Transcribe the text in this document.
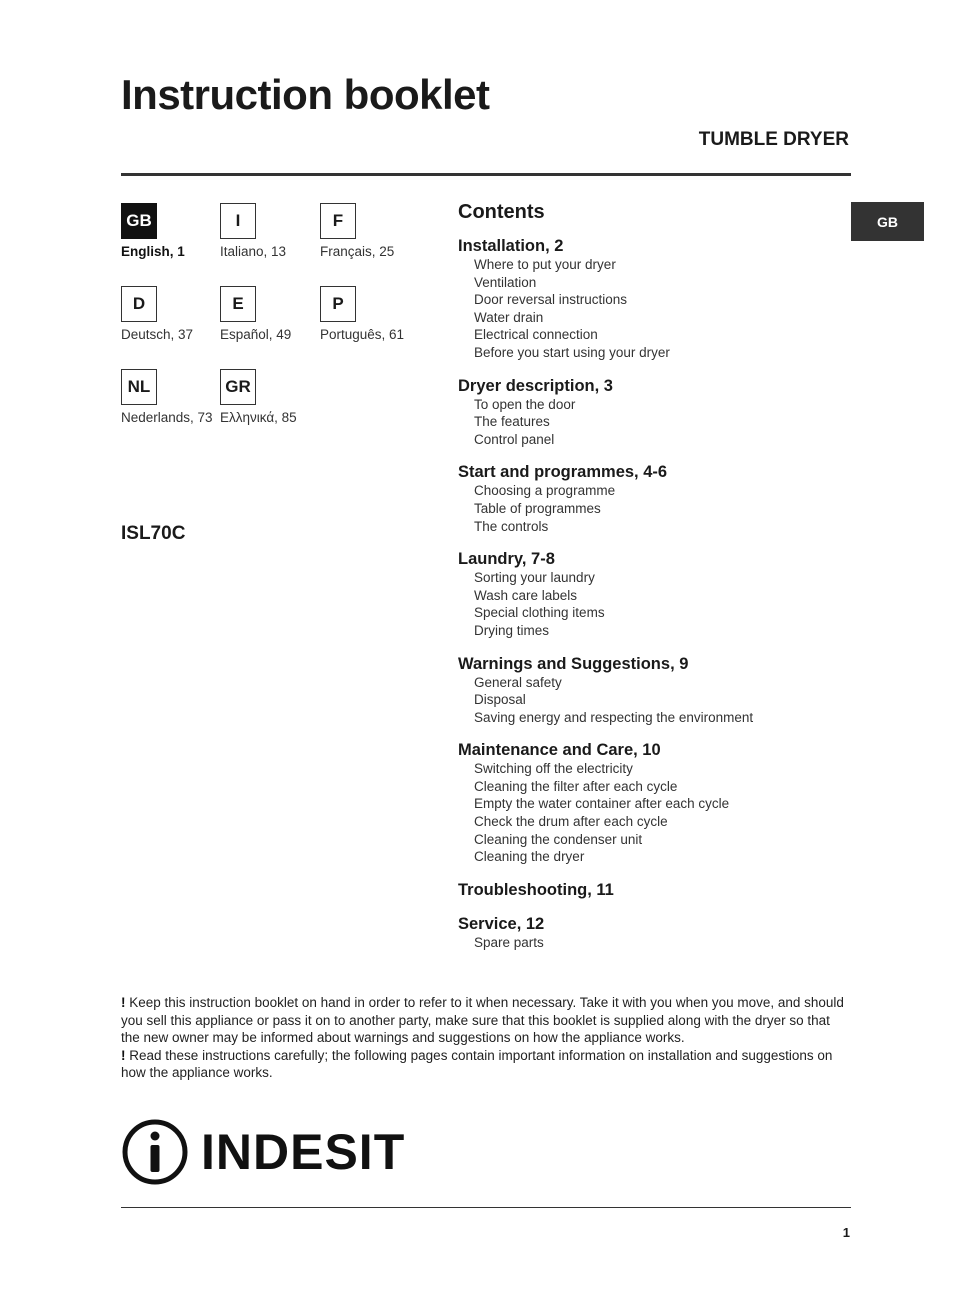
Instruction booklet
TUMBLE DRYER
GB
GB
English, 1
I
Italiano, 13
F
Français, 25
D
Deutsch, 37
E
Español, 49
P
Português, 61
NL
Nederlands, 73
GR
Ελληνικά, 85
ISL70C
Contents
Installation, 2
Where to put your dryer
Ventilation
Door reversal instructions
Water drain
Electrical connection
Before you start using your dryer
Dryer description, 3
To open the door
The features
Control panel
Start and programmes, 4-6
Choosing a programme
Table of programmes
The controls
Laundry, 7-8
Sorting your laundry
Wash care labels
Special clothing items
Drying times
Warnings and Suggestions, 9
General safety
Disposal
Saving energy and respecting the environment
Maintenance and Care, 10
Switching off the electricity
Cleaning the filter after each cycle
Empty the water container after each cycle
Check the drum after each cycle
Cleaning the condenser unit
Cleaning the dryer
Troubleshooting, 11
Service, 12
Spare parts

! Keep this instruction booklet on hand in order to refer to it when necessary. Take it with you when you move, and should you sell this appliance or pass it on to another party, make sure that this booklet is supplied along with the dryer so that the new owner may be informed about warnings and suggestions on how the appliance works.

! Read these instructions carefully; the following pages contain important information on installation and suggestions on how the appliance works.

INDESIT
1
